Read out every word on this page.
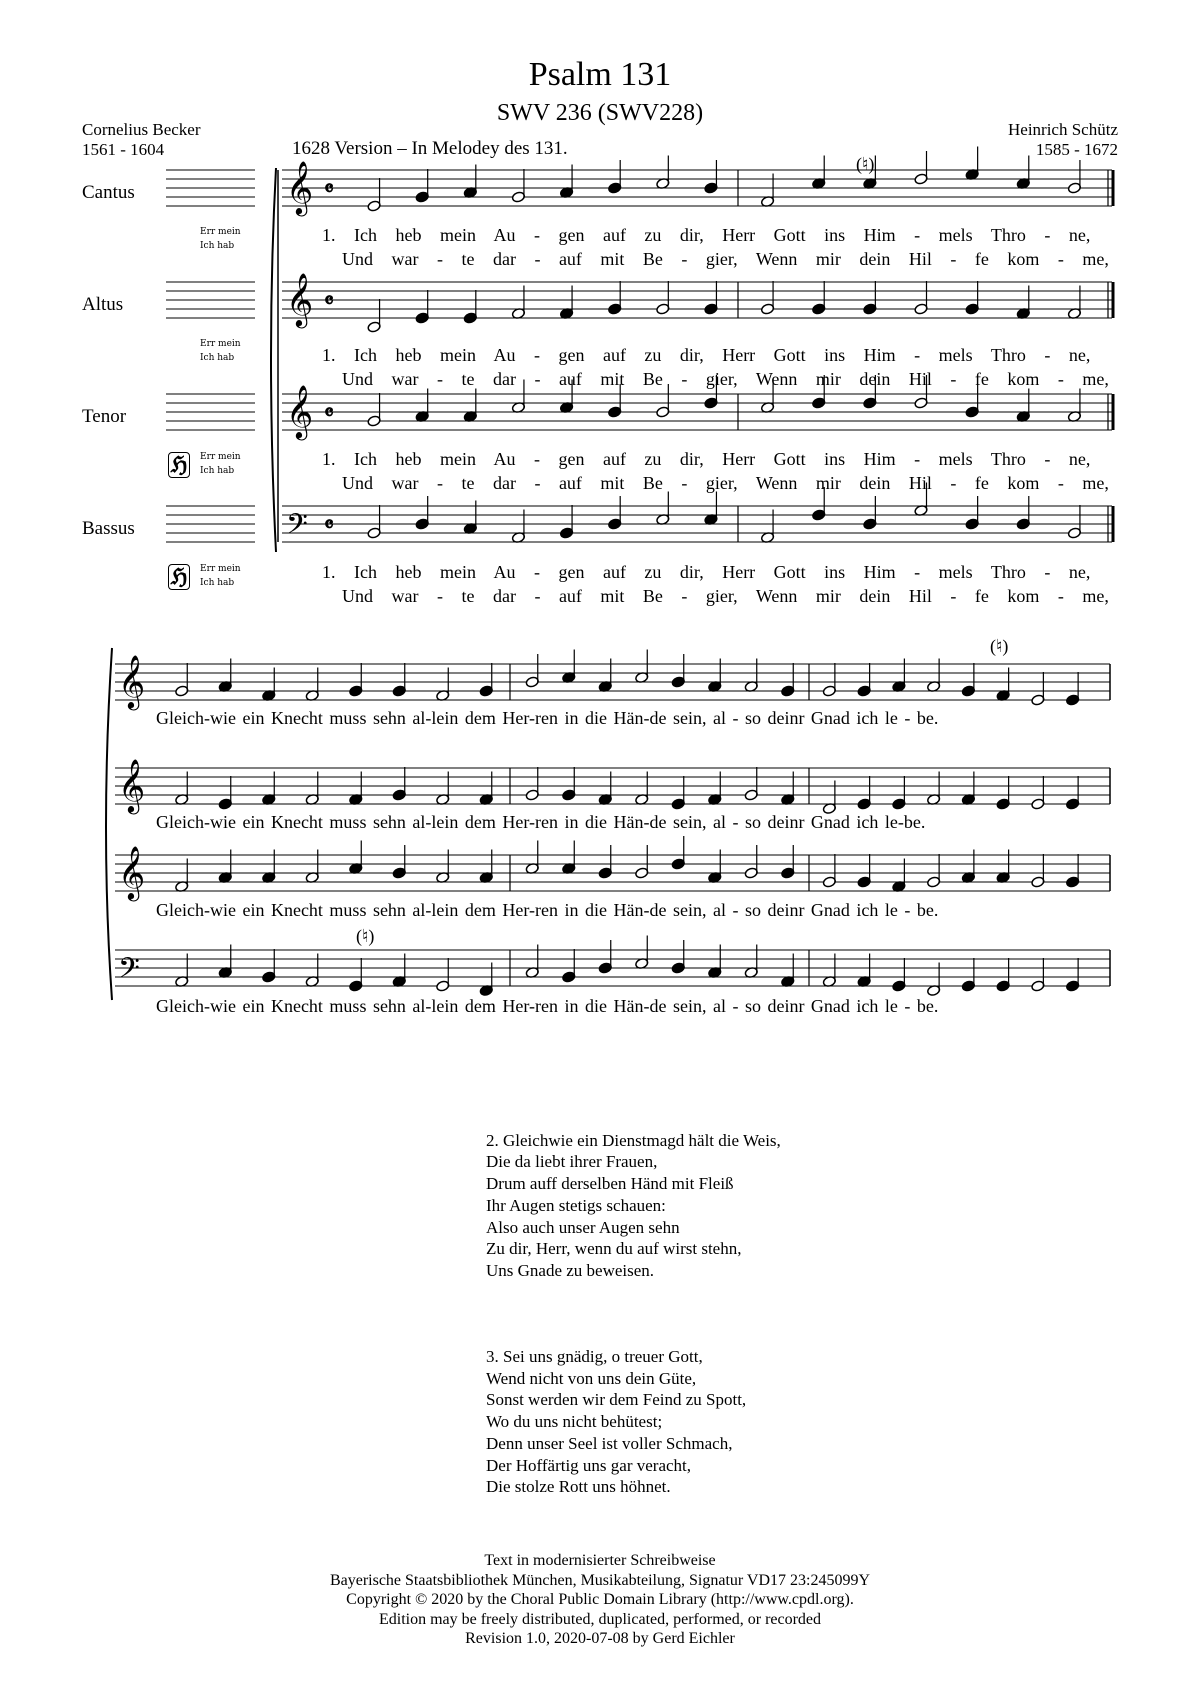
Psalm 131
SWV 236 (SWV228)
Cornelius Becker
1561 - 1604
Heinrich Schütz
1585 - 1672
1628 Version – In Melodey des 131.
Cantus
Altus
Tenor
Bassus
Err mein
Ich hab
Err mein
Ich hab
Err mein
Ich hab
Err mein
Ich hab
ℌ
ℌ
𝄞 𝄴
𝄞 𝄴
𝄞 𝄴
𝄢 𝄴
𝄞
𝄞
𝄞
𝄢
1. Ich heb mein Au - gen auf zu dir, Herr Gott ins Him - mels Thro - ne,
Und war - te dar - auf mit Be - gier, Wenn mir dein Hil - fe kom - me,
1. Ich heb mein Au - gen auf zu dir, Herr Gott ins Him - mels Thro - ne,
Und war - te dar - auf mit Be - gier, Wenn mir dein Hil - fe kom - me,
1. Ich heb mein Au - gen auf zu dir, Herr Gott ins Him - mels Thro - ne,
Und war - te dar - auf mit Be - gier, Wenn mir dein Hil - fe kom - me,
1. Ich heb mein Au - gen auf zu dir, Herr Gott ins Him - mels Thro - ne,
Und war - te dar - auf mit Be - gier, Wenn mir dein Hil - fe kom - me,
Gleich-wie ein Knecht muss sehn al-lein dem Her-ren in die Hän-de sein, al - so deinr Gnad ich le - be.
Gleich-wie ein Knecht muss sehn al-lein dem Her-ren in die Hän-de sein, al - so deinr Gnad ich le-be.
Gleich-wie ein Knecht muss sehn al-lein dem Her-ren in die Hän-de sein, al - so deinr Gnad ich le - be.
Gleich-wie ein Knecht muss sehn al-lein dem Her-ren in die Hän-de sein, al - so deinr Gnad ich le - be.
(♮)
(♮)
(♮)

2. Gleichwie ein Dienstmagd hält die Weis,
Die da liebt ihrer Frauen,
Drum auff derselben Händ mit Fleiß
Ihr Augen stetigs schauen:
Also auch unser Augen sehn
Zu dir, Herr, wenn du auf wirst stehn,
Uns Gnade zu beweisen.

3. Sei uns gnädig, o treuer Gott,
Wend nicht von uns dein Güte,
Sonst werden wir dem Feind zu Spott,
Wo du uns nicht behütest;
Denn unser Seel ist voller Schmach,
Der Hoffärtig uns gar veracht,
Die stolze Rott uns höhnet.

Text in modernisierter Schreibweise
Bayerische Staatsbibliothek München, Musikabteilung, Signatur VD17 23:245099Y
Copyright © 2020 by the Choral Public Domain Library (http://www.cpdl.org).
Edition may be freely distributed, duplicated, performed, or recorded
Revision 1.0, 2020-07-08 by Gerd Eichler
